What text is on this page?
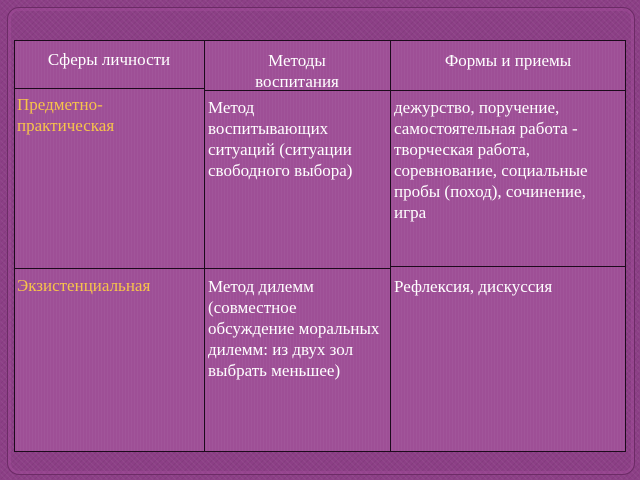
Сферы личности	Методы воспитания
Формы и приемы
Предметно-практическая
Метод воспитывающих ситуаций (ситуации свободного выбора)
дежурство, поручение, самостоятельная работа - творческая работа, соревнование, социальные пробы (поход), сочинение, игра
Экзистенциальная	Метод дилемм (совместное обсуждение моральных дилемм: из двух зол выбрать меньшее)
Рефлексия, дискуссия
